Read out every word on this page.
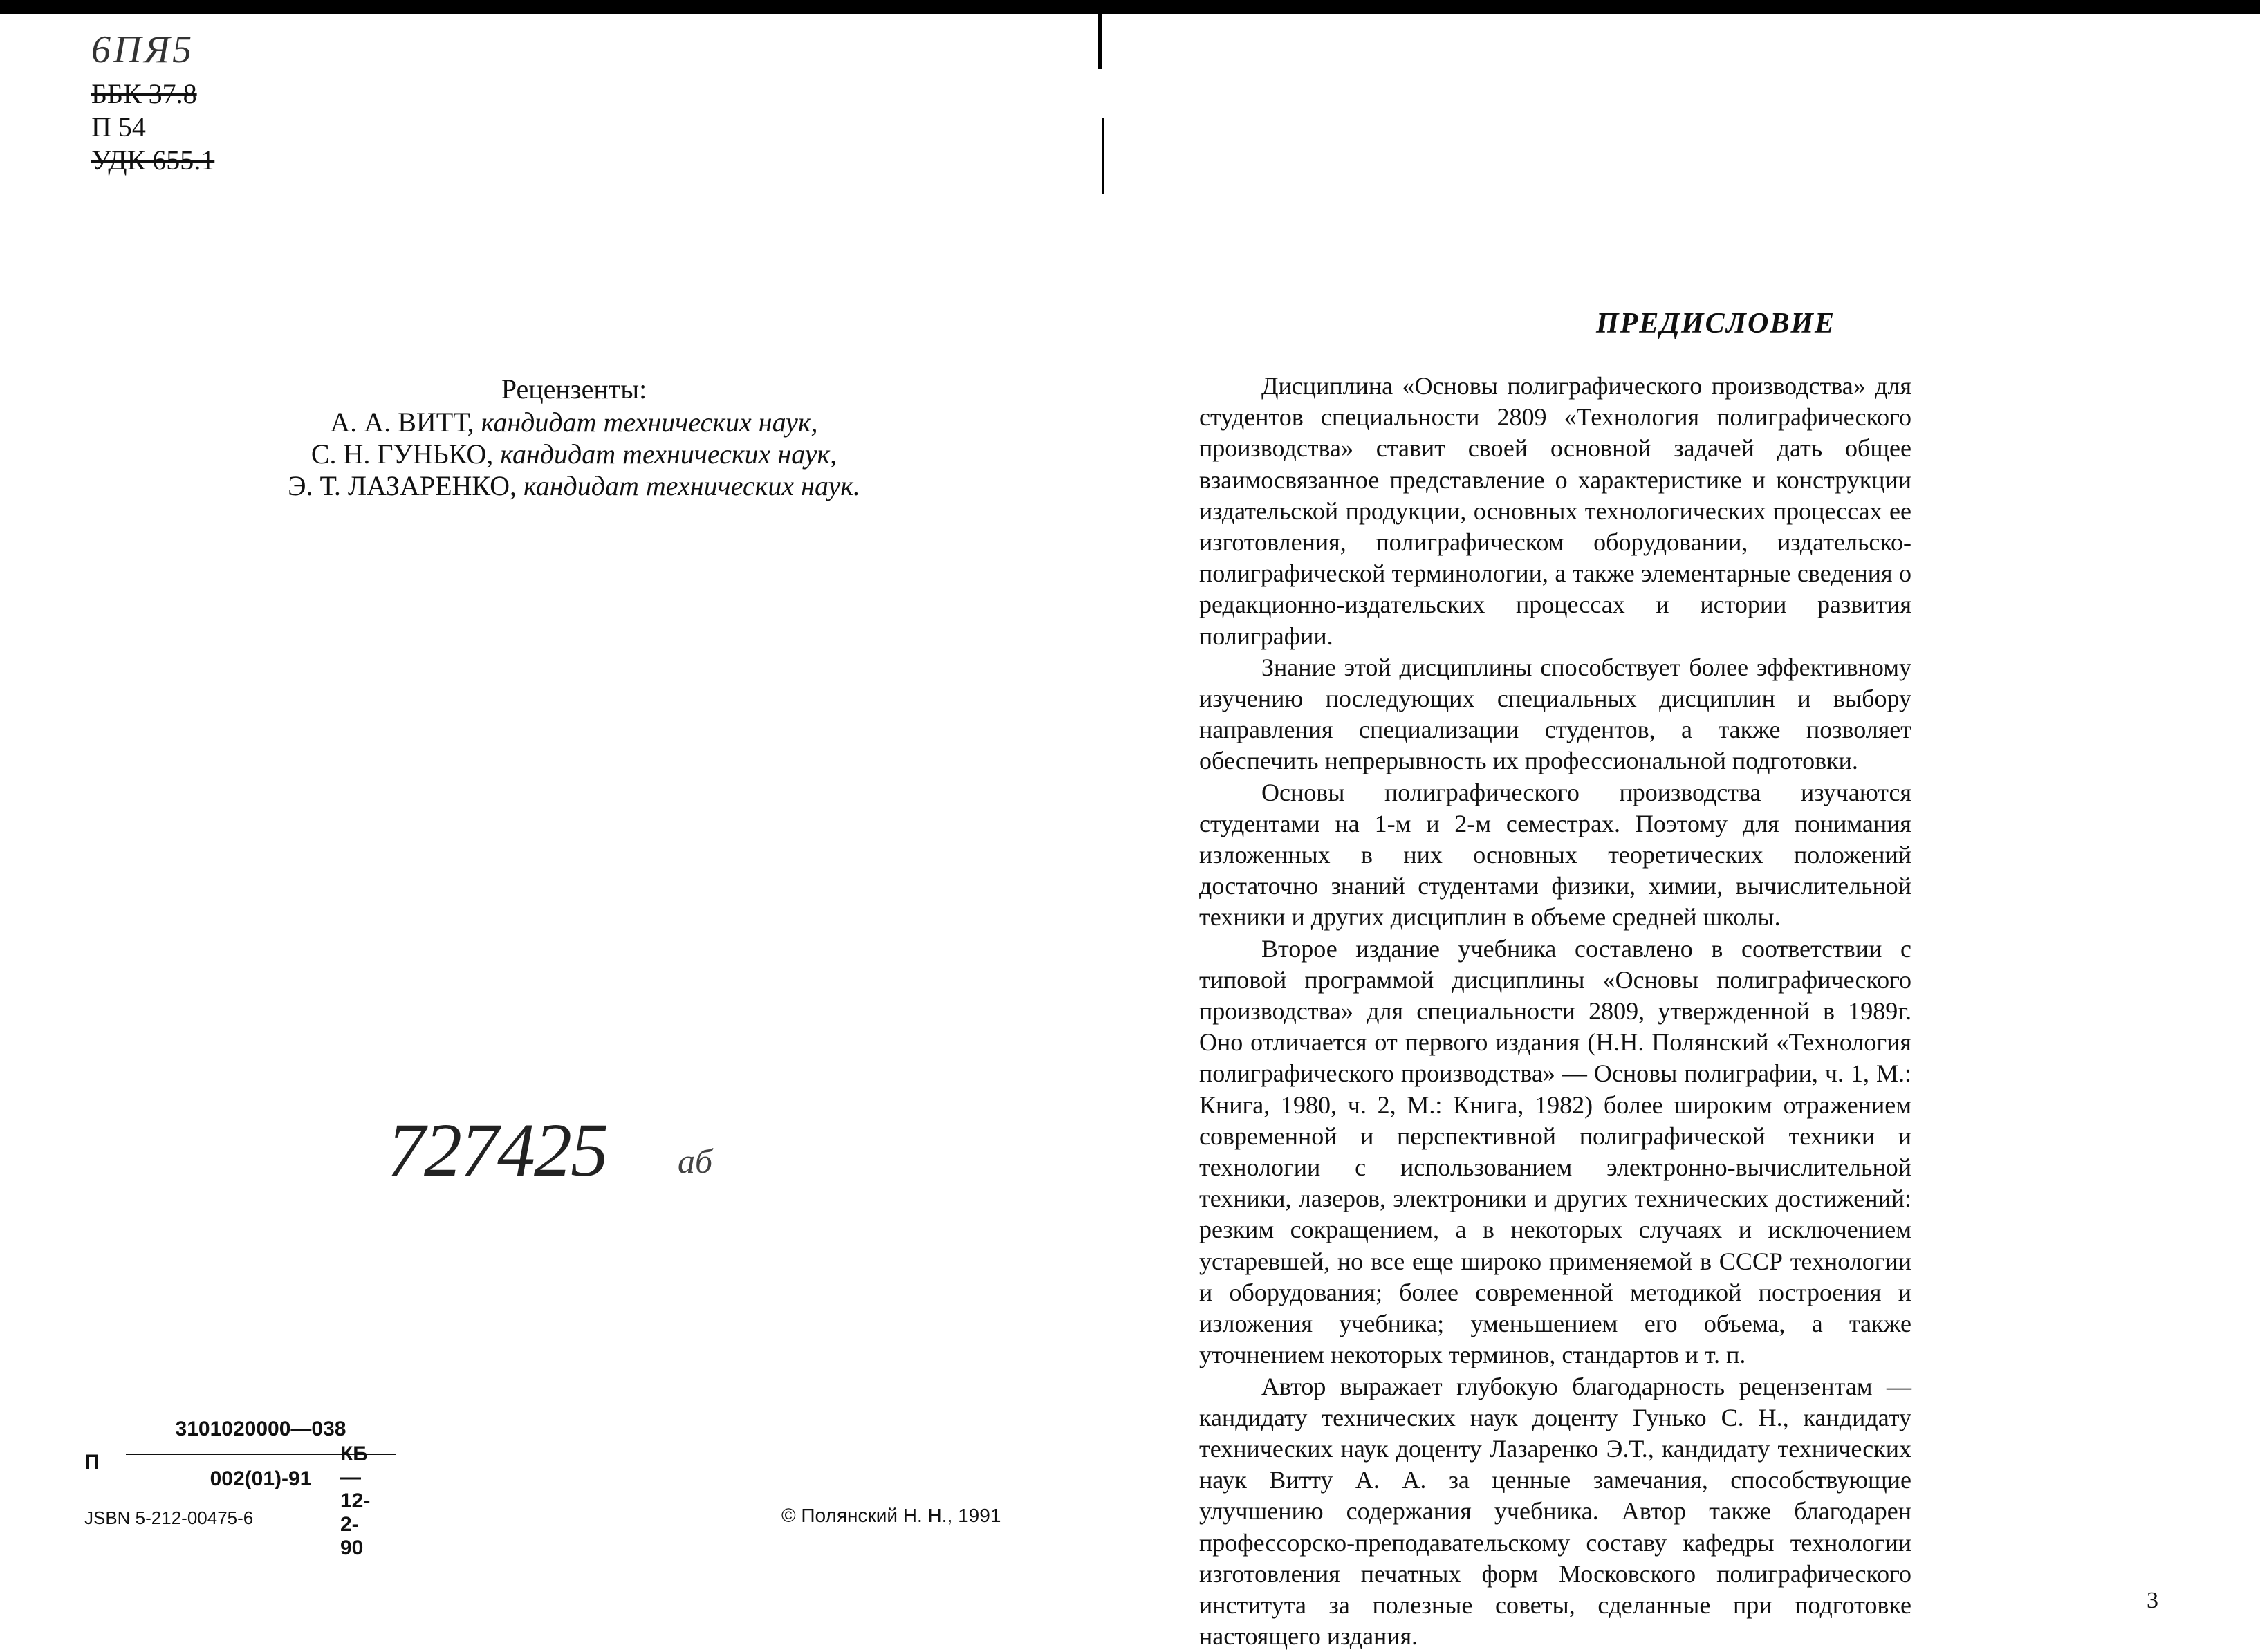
6ПЯ5
ББК 37.8
П 54
УДК 655.1
Рецензенты:
А. А. ВИТТ, кандидат технических наук,
С. Н. ГУНЬКО, кандидат технических наук,
Э. Т. ЛАЗАРЕНКО, кандидат технических наук.
727425 аб
П
3101020000—038
002(01)-91
КБ—12-2-90
JSBN 5-212-00475-6	© Полянский Н. Н., 1991
ПРЕДИСЛОВИЕ

Дисциплина «Основы полиграфического производства» для студентов специальности 2809 «Технология полиграфического производства» ставит своей основной задачей дать общее взаимосвязанное представление о характеристике и конструкции издательской продукции, основных технологических процессах ее изготовления, полиграфическом оборудовании, издательско-полиграфической терминологии, а также элементарные сведения о редакционно-издательских процессах и истории развития полиграфии.

Знание этой дисциплины способствует более эффективному изучению последующих специальных дисциплин и выбору направления специализации студентов, а также позволяет обеспечить непрерывность их профессиональной подготовки.

Основы полиграфического производства изучаются студентами на 1-м и 2-м семестрах. Поэтому для понимания изложенных в них основных теоретических положений достаточно знаний студентами физики, химии, вычислительной техники и других дисциплин в объеме средней школы.

Второе издание учебника составлено в соответствии с типовой программой дисциплины «Основы полиграфического производства» для специальности 2809, утвержденной в 1989г. Оно отличается от первого издания (Н.Н. Полянский «Технология полиграфического производства» — Основы полиграфии, ч. 1, М.: Книга, 1980, ч. 2, М.: Книга, 1982) более широким отражением современной и перспективной полиграфической техники и технологии с использованием электронно-вычислительной техники, лазеров, электроники и других технических достижений: резким сокращением, а в некоторых случаях и исключением устаревшей, но все еще широко применяемой в СССР технологии и оборудования; более современной методикой построения и изложения учебника; уменьшением его объема, а также уточнением некоторых терминов, стандартов и т. п.

Автор выражает глубокую благодарность рецензентам — кандидату технических наук доценту Гунько С. Н., кандидату технических наук доценту Лазаренко Э.Т., кандидату технических наук Витту А. А. за ценные замечания, способствующие улучшению содержания учебника. Автор также благодарен профессорско-преподавательскому составу кафедры технологии изготовления печатных форм Московского полиграфического института за полезные советы, сделанные при подготовке настоящего издания.

3
